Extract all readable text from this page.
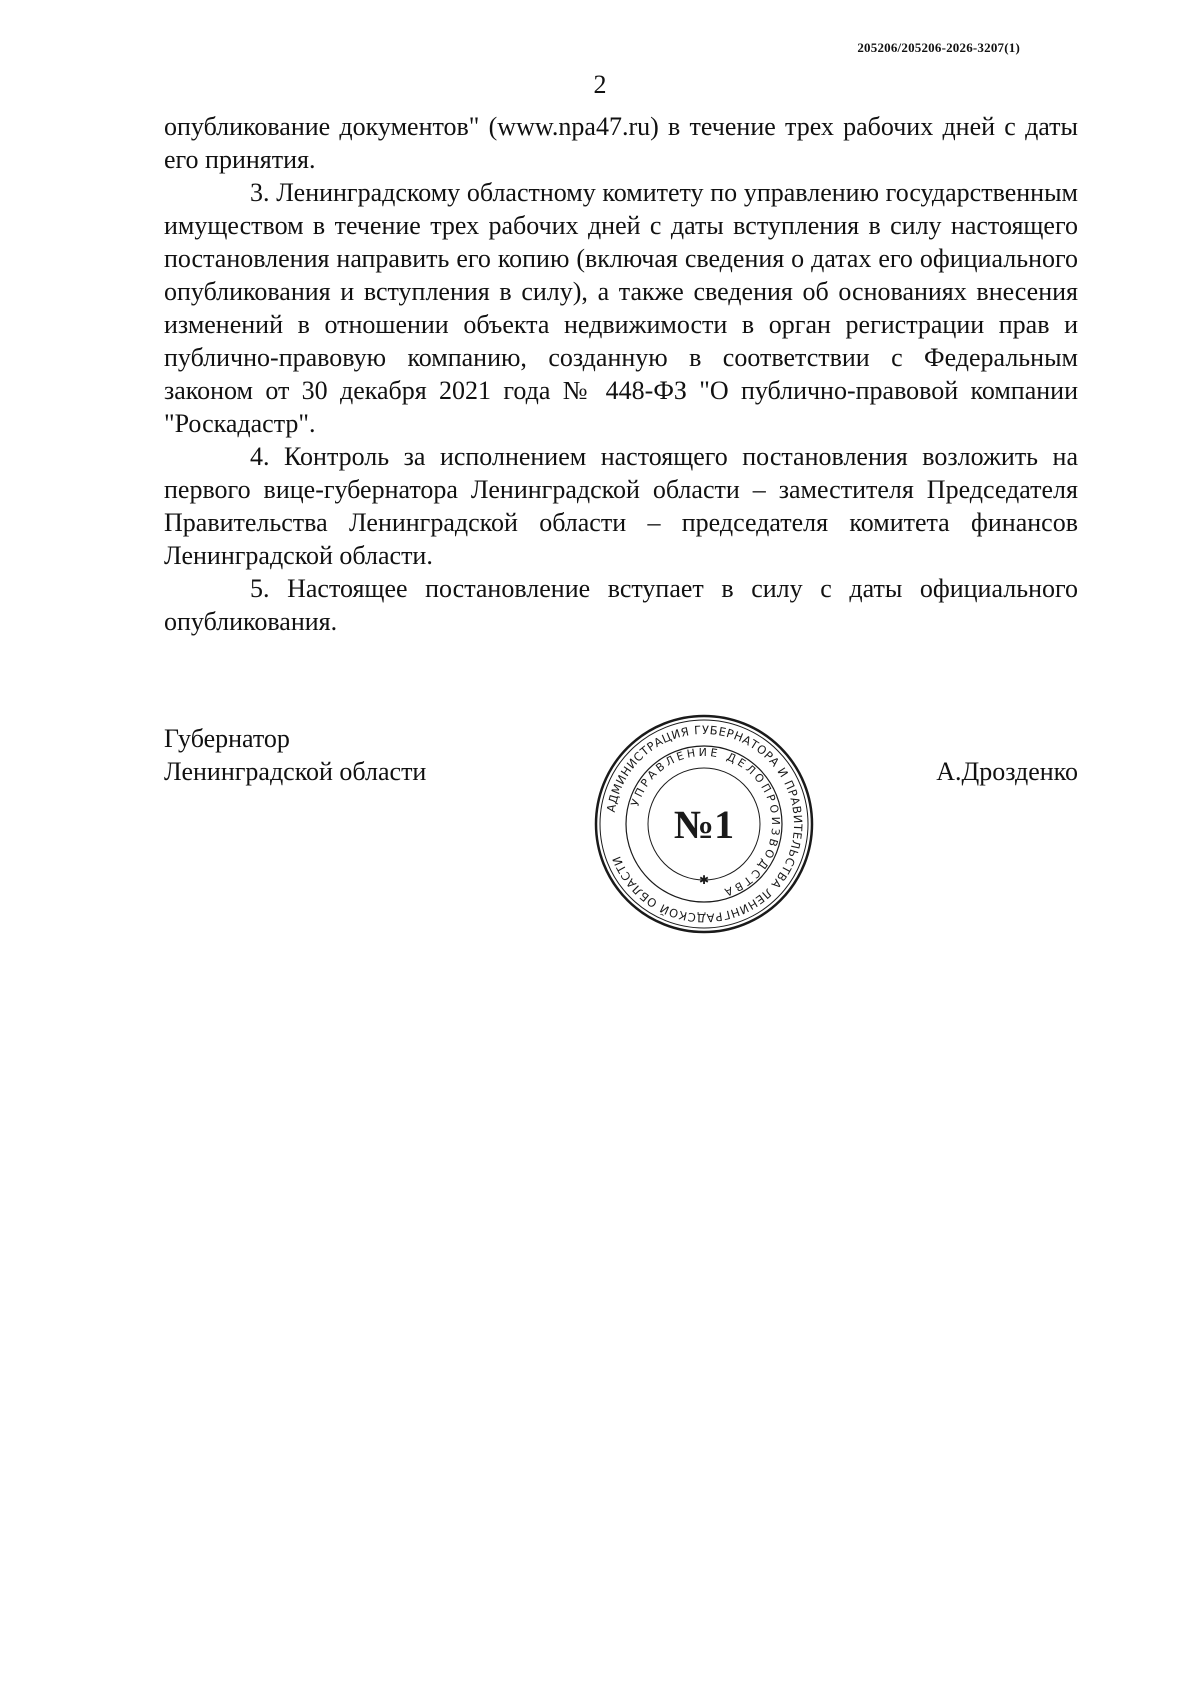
205206/205206-2026-3207(1)
2

опубликование документов" (www.npa47.ru) в течение трех рабочих дней с даты его принятия.

3. Ленинградскому областному комитету по управлению государственным имуществом в течение трех рабочих дней с даты вступления в силу настоящего постановления направить его копию (включая сведения о датах его официального опубликования и вступления в силу), а также сведения об основаниях внесения изменений в отношении объекта недвижимости в орган регистрации прав и публично-правовую компанию, созданную в соответствии с Федеральным законом от 30 декабря 2021 года № 448-ФЗ "О публично-правовой компании "Роскадастр".

4. Контроль за исполнением настоящего постановления возложить на первого вице-губернатора Ленинградской области – заместителя Председателя Правительства Ленинградской области – председателя комитета финансов Ленинградской области.

5. Настоящее постановление вступает в силу с даты официального опубликования.

Губернатор
Ленинградской области	А.Дрозденко
АДМИНИСТРАЦИЯ ГУБЕРНАТОРА И ПРАВИТЕЛЬСТВА ЛЕНИНГРАДСКОЙ ОБЛАСТИ
УПРАВЛЕНИЕ ДЕЛОПРОИЗВОДСТВА
№1
✱
